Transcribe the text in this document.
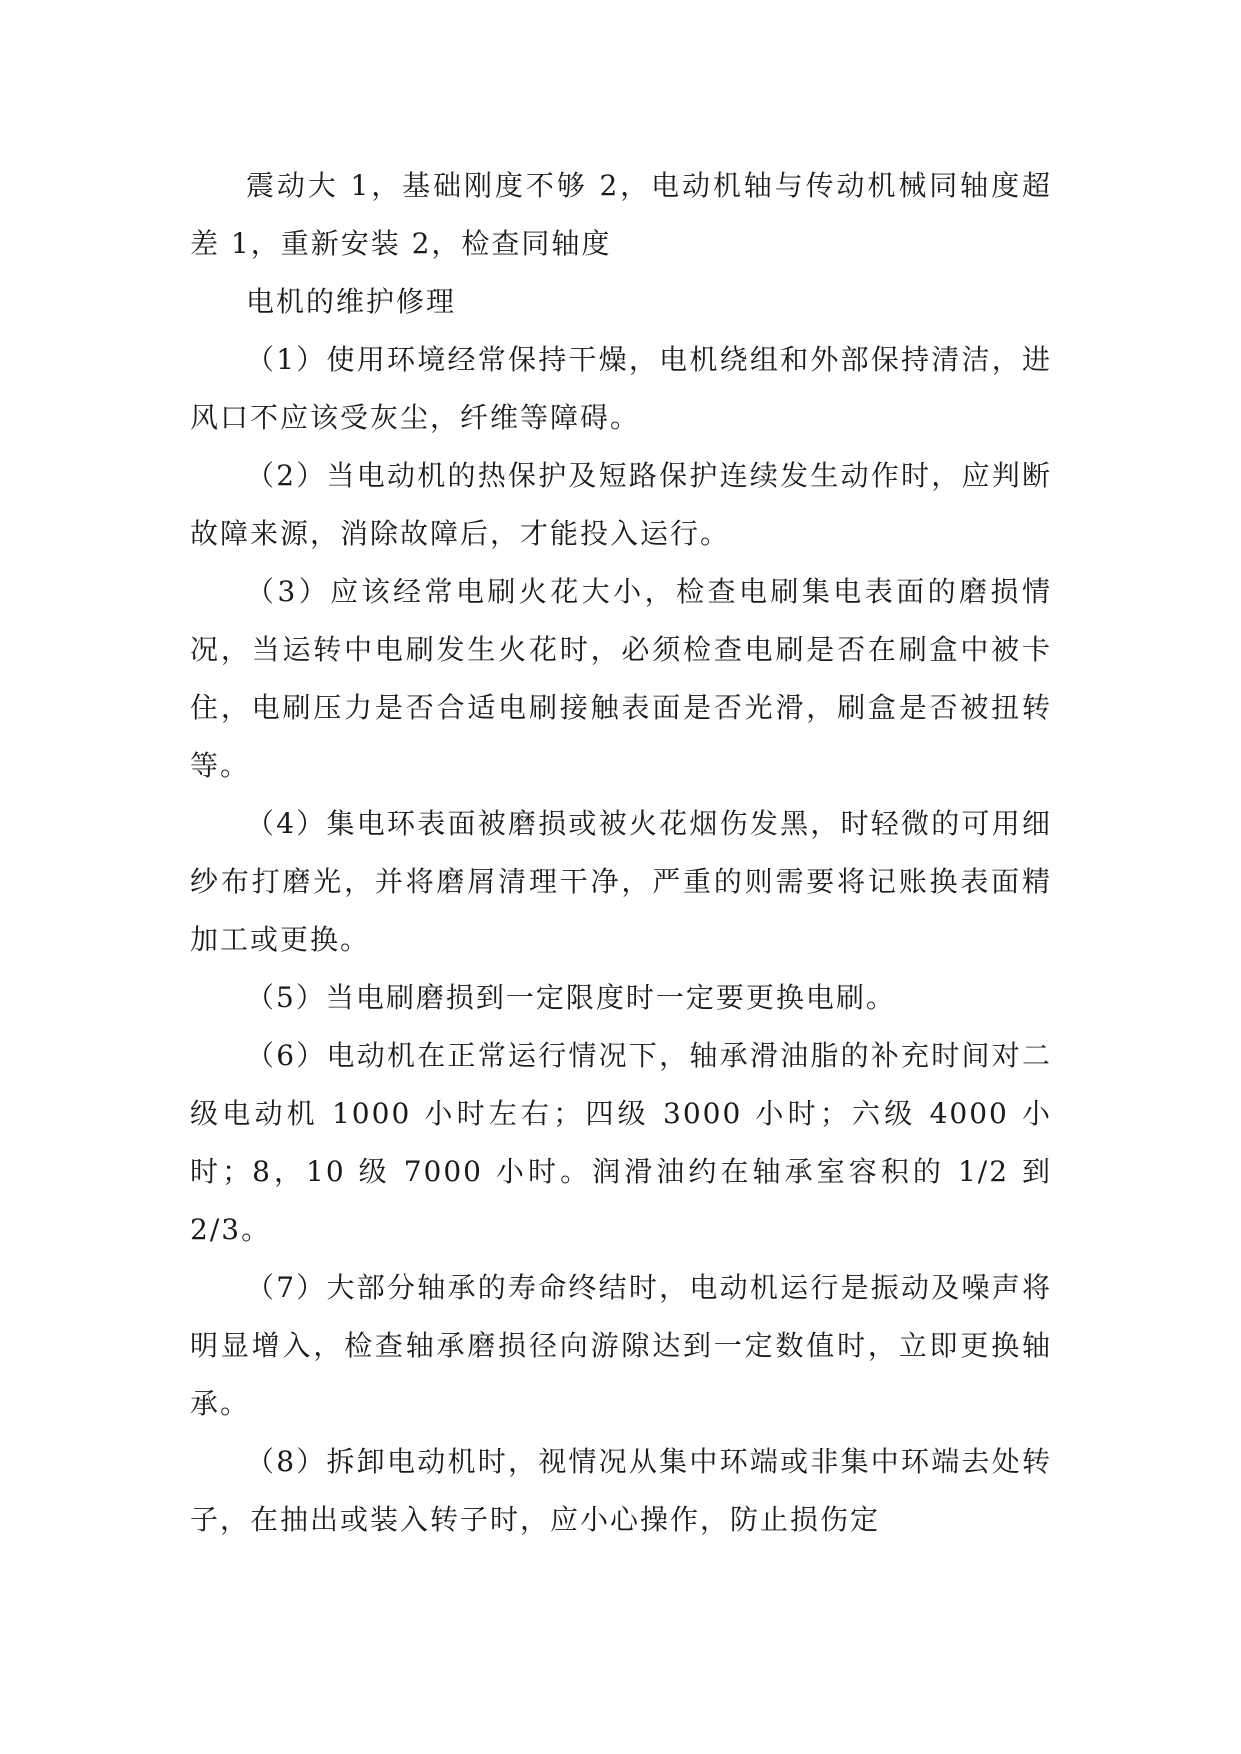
震动大 1，基础刚度不够 2，电动机轴与传动机械同轴度超差 1，重新安装 2，检查同轴度

电机的维护修理

（1）使用环境经常保持干燥，电机绕组和外部保持清洁，进风口不应该受灰尘，纤维等障碍。

（2）当电动机的热保护及短路保护连续发生动作时，应判断故障来源，消除故障后，才能投入运行。

（3）应该经常电刷火花大小，检查电刷集电表面的磨损情况，当运转中电刷发生火花时，必须检查电刷是否在刷盒中被卡住，电刷压力是否合适电刷接触表面是否光滑，刷盒是否被扭转等。

（4）集电环表面被磨损或被火花烟伤发黑，时轻微的可用细纱布打磨光，并将磨屑清理干净，严重的则需要将记账换表面精加工或更换。

（5）当电刷磨损到一定限度时一定要更换电刷。

（6）电动机在正常运行情况下，轴承滑油脂的补充时间对二级电动机 1000 小时左右；四级 3000 小时；六级 4000 小时；8，10 级 7000 小时。润滑油约在轴承室容积的 1/2 到 2/3。

（7）大部分轴承的寿命终结时，电动机运行是振动及噪声将明显增入，检查轴承磨损径向游隙达到一定数值时，立即更换轴承。

（8）拆卸电动机时，视情况从集中环端或非集中环端去处转子，在抽出或装入转子时，应小心操作，防止损伤定
